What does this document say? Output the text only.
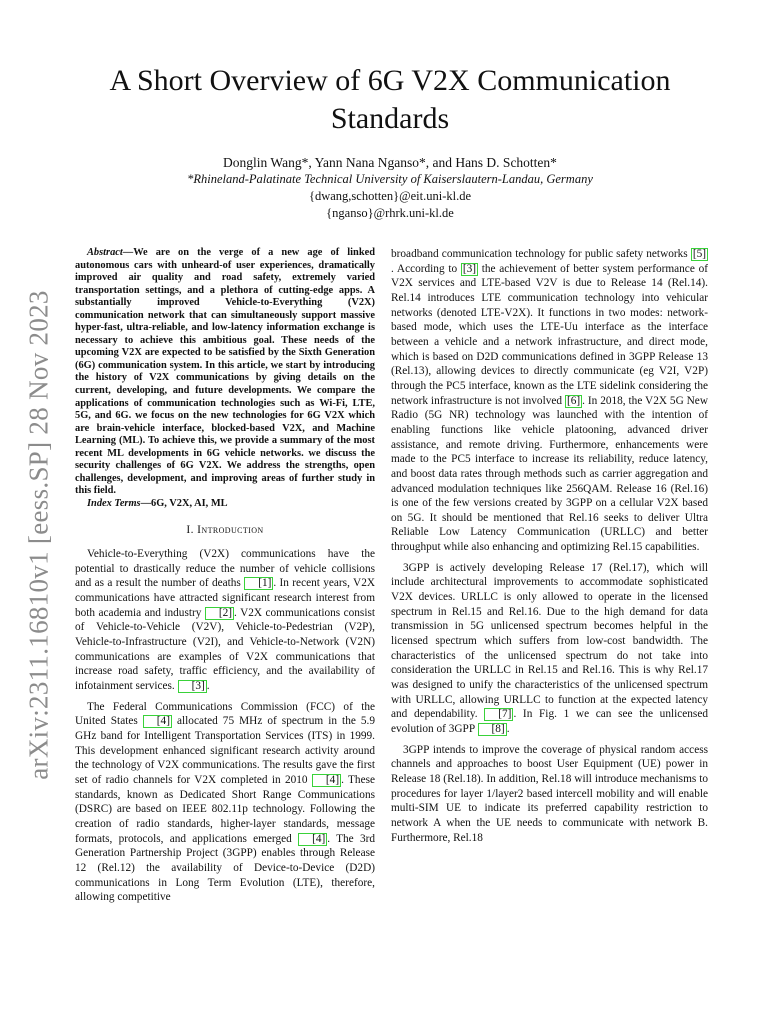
arXiv:2311.16810v1 [eess.SP] 28 Nov 2023
A Short Overview of 6G V2X Communication Standards
Donglin Wang*, Yann Nana Nganso*, and Hans D. Schotten*
*Rhineland-Palatinate Technical University of Kaiserslautern-Landau, Germany
{dwang,schotten}@eit.uni-kl.de
{nganso}@rhrk.uni-kl.de

Abstract—We are on the verge of a new age of linked autonomous cars with unheard-of user experiences, dramatically improved air quality and road safety, extremely varied transportation settings, and a plethora of cutting-edge apps. A substantially improved Vehicle-to-Everything (V2X) communication network that can simultaneously support massive hyper-fast, ultra-reliable, and low-latency information exchange is necessary to achieve this ambitious goal. These needs of the upcoming V2X are expected to be satisfied by the Sixth Generation (6G) communication system. In this article, we start by introducing the history of V2X communications by giving details on the current, developing, and future developments. We compare the applications of communication technologies such as Wi-Fi, LTE, 5G, and 6G. we focus on the new technologies for 6G V2X which are brain-vehicle interface, blocked-based V2X, and Machine Learning (ML). To achieve this, we provide a summary of the most recent ML developments in 6G vehicle networks. we discuss the security challenges of 6G V2X. We address the strengths, open challenges, development, and improving areas of further study in this field.

Index Terms—6G, V2X, AI, ML

I. Introduction

Vehicle-to-Everything (V2X) communications have the potential to drastically reduce the number of vehicle collisions and as a result the number of deaths [1] . In recent years, V2X communications have attracted significant research interest from both academia and industry [2] . V2X communications consist of Vehicle-to-Vehicle (V2V), Vehicle-to-Pedestrian (V2P), Vehicle-to-Infrastructure (V2I), and Vehicle-to-Network (V2N) communications are examples of V2X communications that increase road safety, traffic efficiency, and the availability of infotainment services. [3] .

The Federal Communications Commission (FCC) of the United States [4] allocated 75 MHz of spectrum in the 5.9 GHz band for Intelligent Transportation Services (ITS) in 1999. This development enhanced significant research activity around the technology of V2X communications. The results gave the first set of radio channels for V2X completed in 2010 [4] . These standards, known as Dedicated Short Range Communications (DSRC) are based on IEEE 802.11p technology. Following the creation of radio standards, higher-layer standards, message formats, protocols, and applications emerged [4] . The 3rd Generation Partnership Project (3GPP) enables through Release 12 (Rel.12) the availability of Device-to-Device (D2D) communications in Long Term Evolution (LTE), therefore, allowing competitive

broadband communication technology for public safety networks [5]. According to [3] the achievement of better system performance of V2X services and LTE-based V2V is due to Release 14 (Rel.14). Rel.14 introduces LTE communication technology into vehicular networks (denoted LTE-V2X). It functions in two modes: network-based mode, which uses the LTE-Uu interface as the interface between a vehicle and a network infrastructure, and direct mode, which is based on D2D communications defined in 3GPP Release 13 (Rel.13), allowing devices to directly communicate (eg V2I, V2P) through the PC5 interface, known as the LTE sidelink considering the network infrastructure is not involved [6] . In 2018, the V2X 5G New Radio (5G NR) technology was launched with the intention of enabling functions like vehicle platooning, advanced driver assistance, and remote driving. Furthermore, enhancements were made to the PC5 interface to increase its reliability, reduce latency, and boost data rates through methods such as carrier aggregation and advanced modulation techniques like 256QAM. Release 16 (Rel.16) is one of the few versions created by 3GPP on a cellular V2X based on 5G. It should be mentioned that Rel.16 seeks to deliver Ultra Reliable Low Latency Communication (URLLC) and better throughput while also enhancing and optimizing Rel.15 capabilities.

3GPP is actively developing Release 17 (Rel.17), which will include architectural improvements to accommodate sophisticated V2X devices. URLLC is only allowed to operate in the licensed spectrum in Rel.15 and Rel.16. Due to the high demand for data transmission in 5G unlicensed spectrum becomes helpful in the licensed spectrum which suffers from low-cost bandwidth. The characteristics of the unlicensed spectrum do not take into consideration the URLLC in Rel.15 and Rel.16. This is why Rel.17 was designed to unify the characteristics of the unlicensed spectrum with URLLC, allowing URLLC to function at the expected latency and dependability. [7] . In Fig. 1 we can see the unlicensed evolution of 3GPP [8] .

3GPP intends to improve the coverage of physical random access channels and approaches to boost User Equipment (UE) power in Release 18 (Rel.18). In addition, Rel.18 will introduce mechanisms to procedures for layer 1/layer2 based intercell mobility and will enable multi-SIM UE to indicate its preferred capability restriction to network A when the UE needs to communicate with network B. Furthermore, Rel.18
